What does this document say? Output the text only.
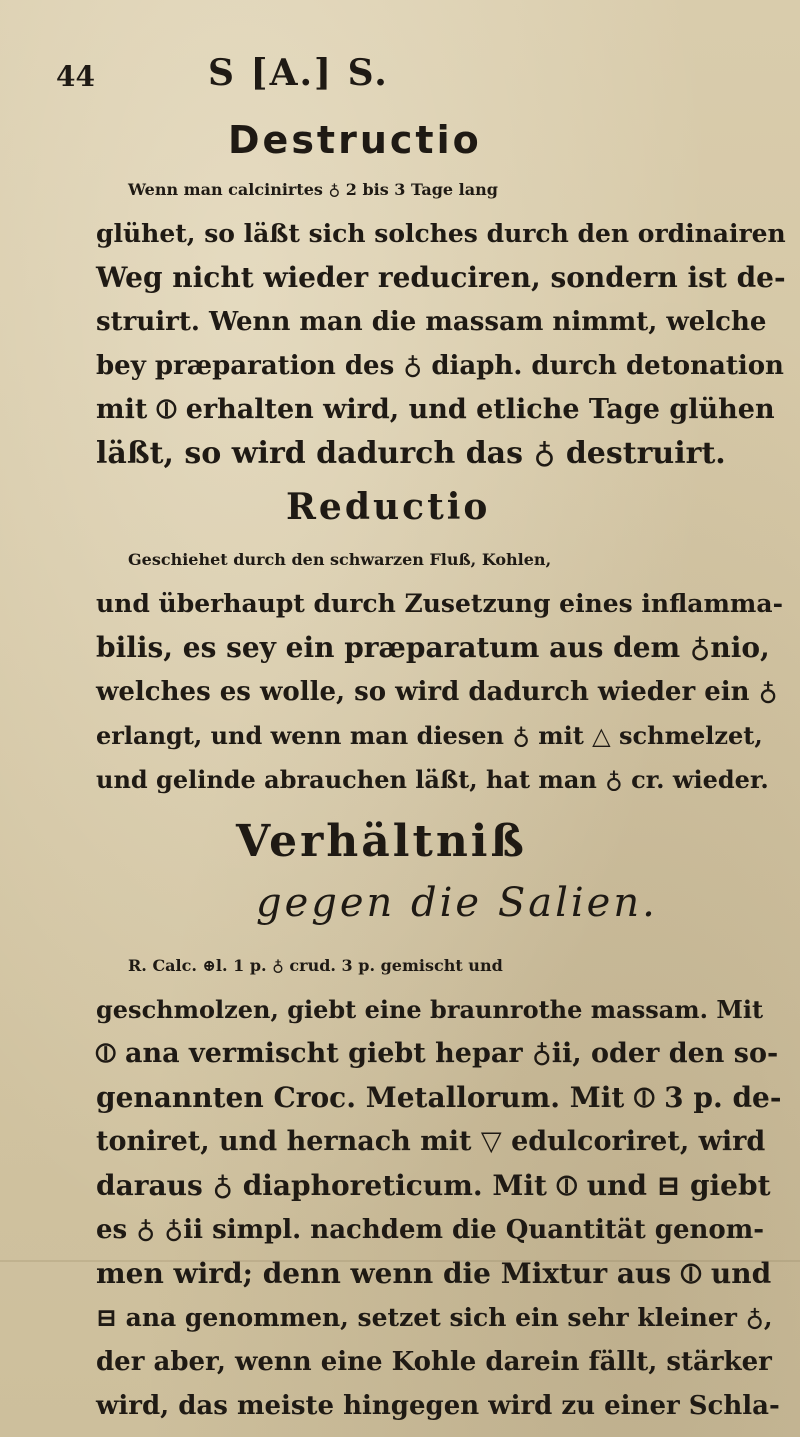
44	S [A.] S.
Destructio
Wenn man calcinirtes ♁ 2 bis 3 Tage lang
glühet, so läßt sich solches durch den ordinairen
Weg nicht wieder reduciren, sondern ist de-
struirt. Wenn man die massam nimmt, welche
bey præparation des ♁ diaph. durch detonation
mit ⦶ erhalten wird, und etliche Tage glühen
läßt, so wird dadurch das ♁ destruirt.
Reductio
Geschiehet durch den schwarzen Fluß, Kohlen,
und überhaupt durch Zusetzung eines inflamma-
bilis, es sey ein præparatum aus dem ♁nio,
welches es wolle, so wird dadurch wieder ein ♁
erlangt, und wenn man diesen ♁ mit △ schmelzet,
und gelinde abrauchen läßt, hat man ♁ cr. wieder.
Verhältniß
gegen die Salien.
R. Calc. ⊕l. 1 p. ♁ crud. 3 p. gemischt und
geschmolzen, giebt eine braunrothe massam. Mit
⦶ ana vermischt giebt hepar ♁ii, oder den so-
genannten Croc. Metallorum. Mit ⦶ 3 p. de-
toniret, und hernach mit ▽ edulcoriret, wird
daraus ♁ diaphoreticum. Mit ⦶ und ⊟ giebt
es ♁ ♁ii simpl. nachdem die Quantität genom-
men wird; denn wenn die Mixtur aus ⦶ und
⊟ ana genommen, setzet sich ein sehr kleiner ♁,
der aber, wenn eine Kohle darein fällt, stärker
wird, das meiste hingegen wird zu einer Schla-
